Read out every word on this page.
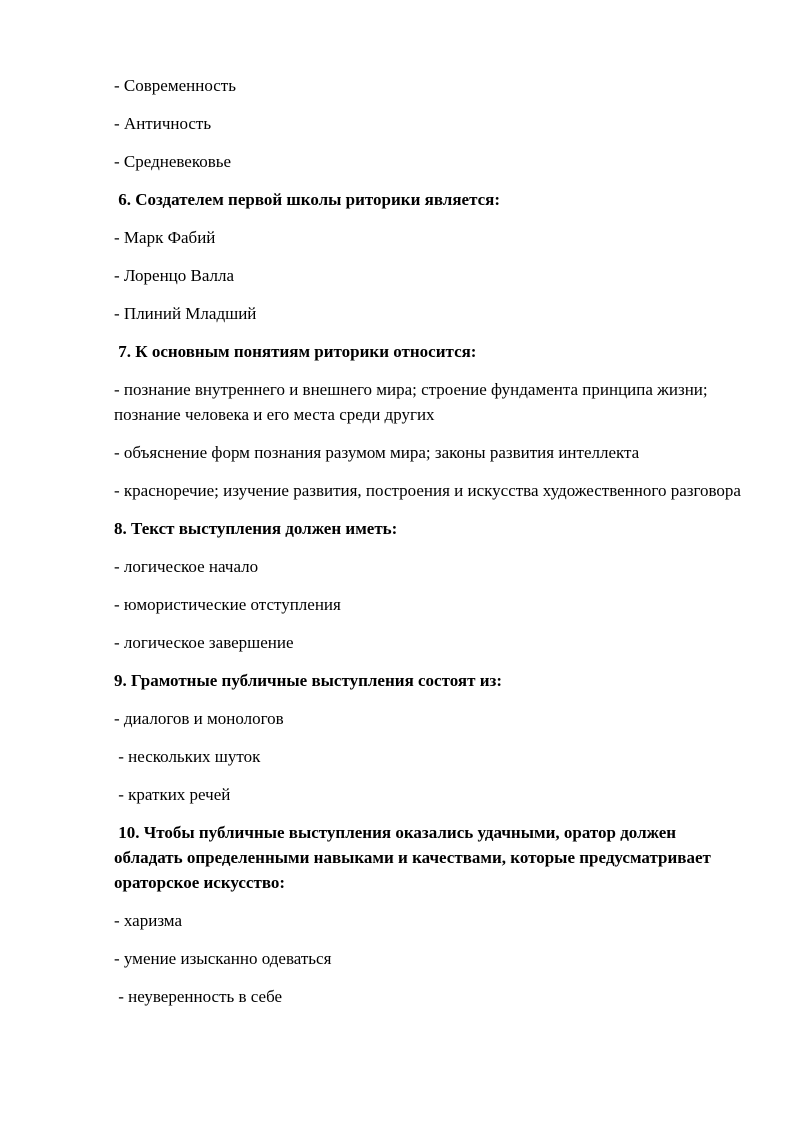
- Современность

- Античность

- Средневековье

6. Создателем первой школы риторики является:

- Марк Фабий

- Лоренцо Валла

- Плиний Младший

7. К основным понятиям риторики относится:

- познание внутреннего и внешнего мира; строение фундамента принципа жизни; познание человека и его места среди других

- объяснение форм познания разумом мира; законы развития интеллекта

- красноречие; изучение развития, построения и искусства художественного разговора

8. Текст выступления должен иметь:

- логическое начало

- юмористические отступления

- логическое завершение

9. Грамотные публичные выступления состоят из:

- диалогов и монологов

- нескольких шуток

- кратких речей

10. Чтобы публичные выступления оказались удачными, оратор должен обладать определенными навыками и качествами, которые предусматривает ораторское искусство:

- харизма

- умение изысканно одеваться

- неуверенность в себе
